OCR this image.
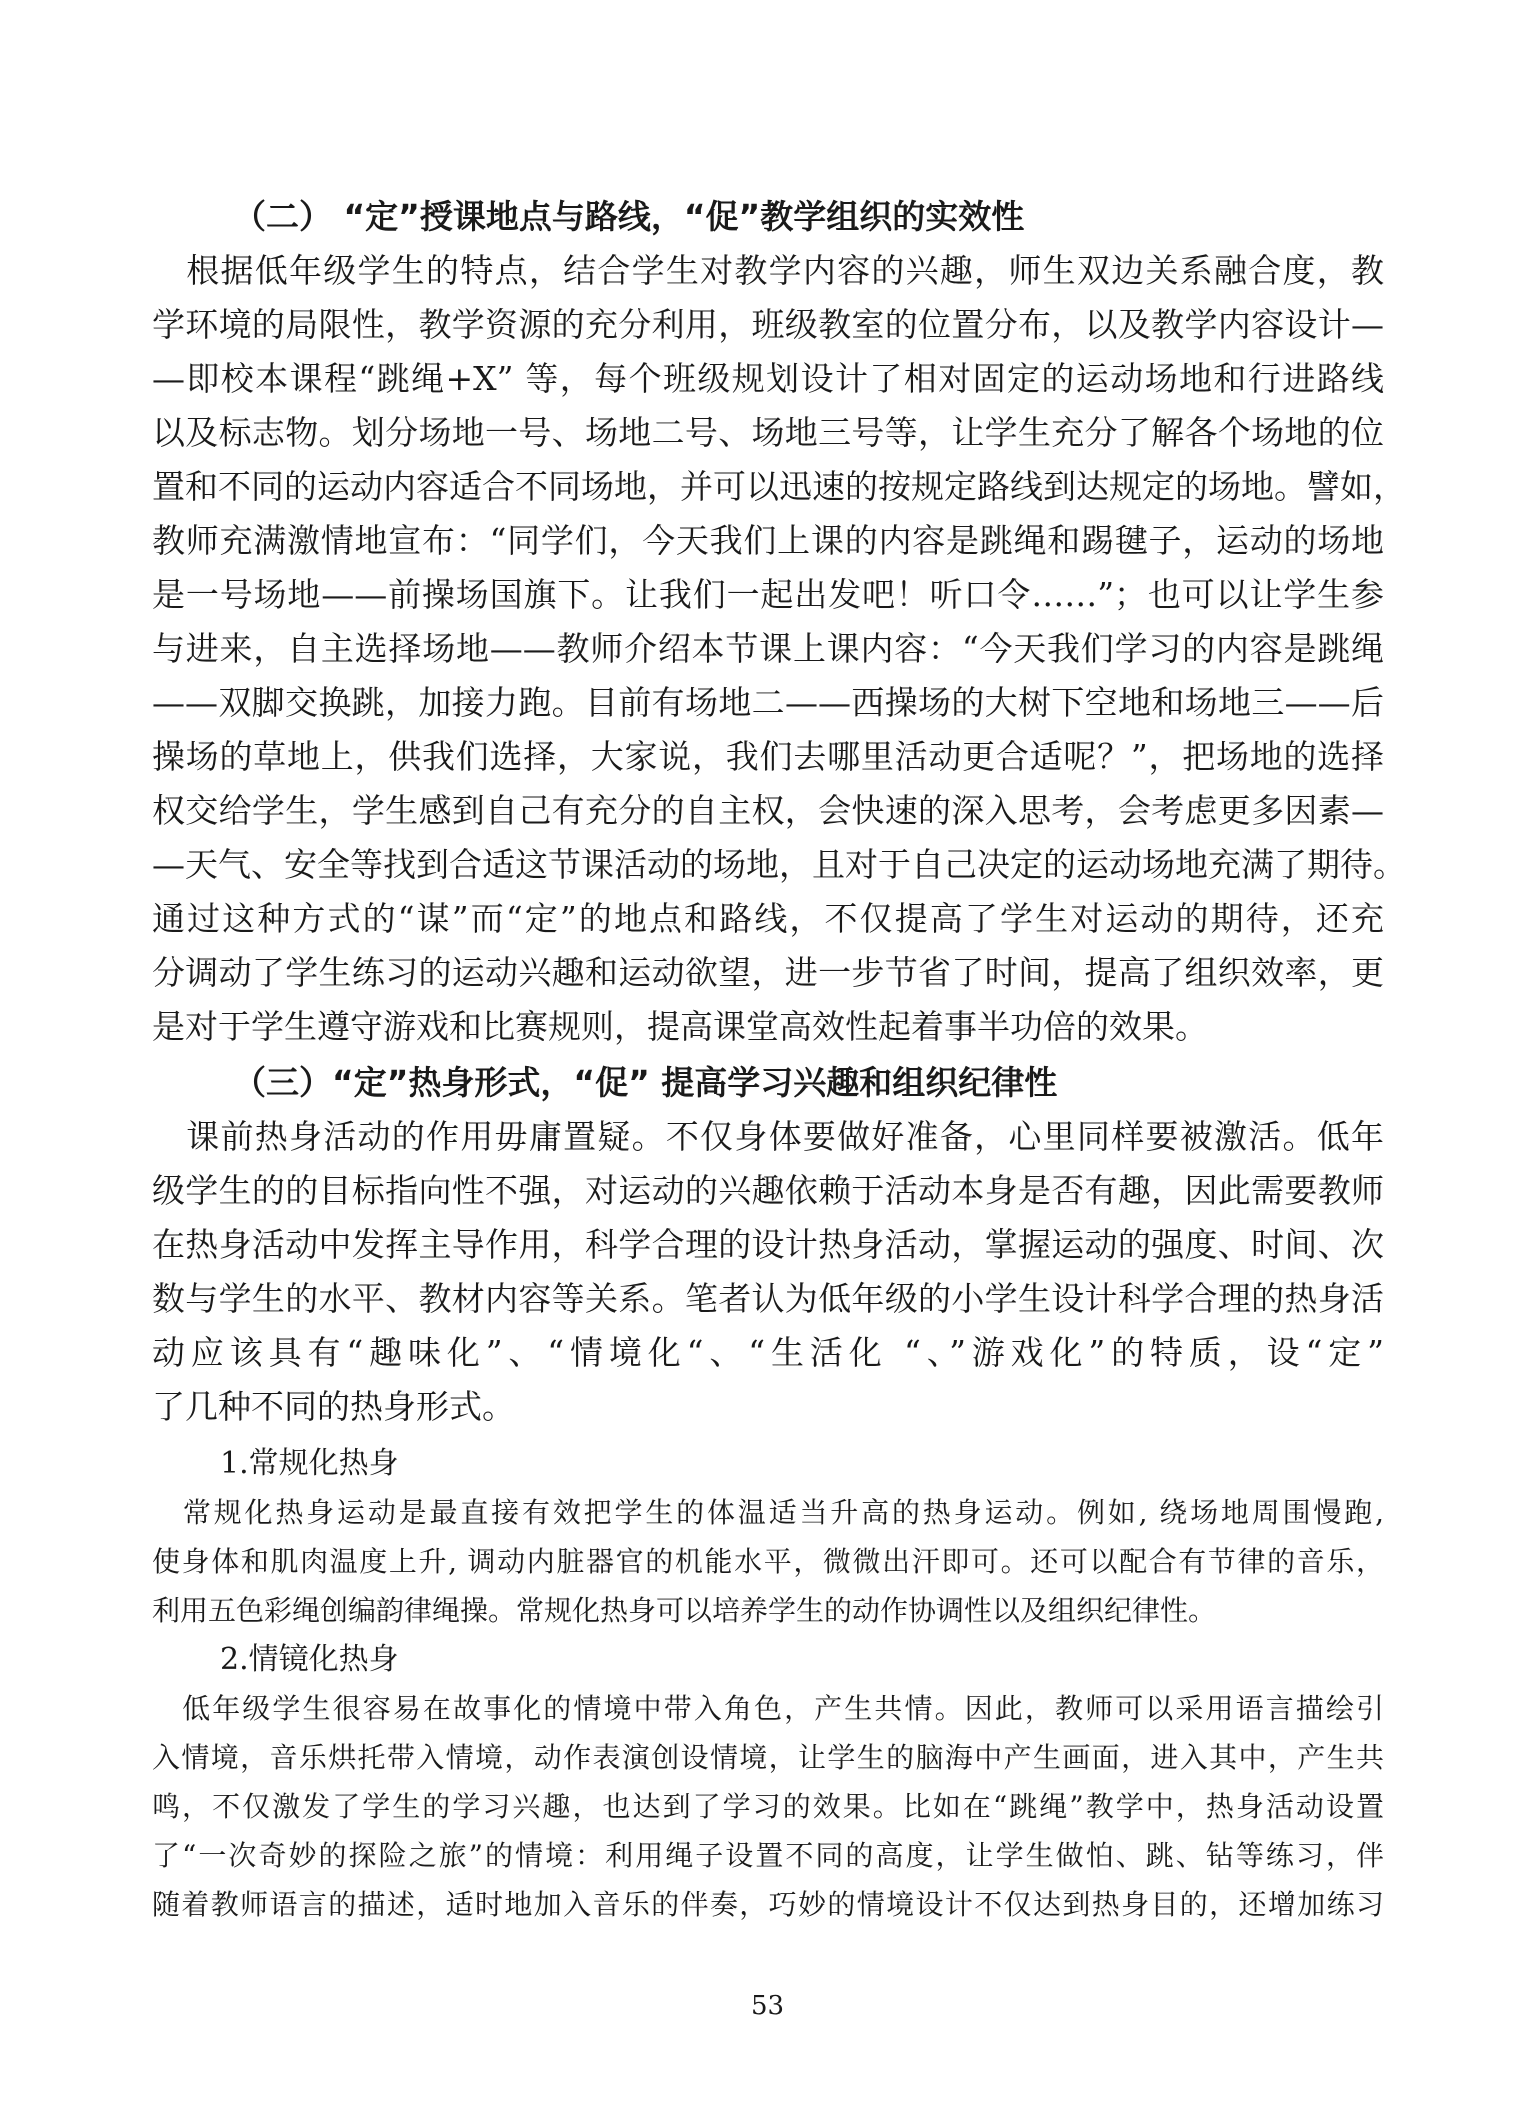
（二） “定”授课地点与路线，“促”教学组织的实效性
　根据低年级学生的特点，结合学生对教学内容的兴趣，师生双边关系融合度，教
学环境的局限性，教学资源的充分利用，班级教室的位置分布，以及教学内容设计—
—即校本课程“跳绳+X” 等，每个班级规划设计了相对固定的运动场地和行进路线
以及标志物。划分场地一号、场地二号、场地三号等，让学生充分了解各个场地的位
置和不同的运动内容适合不同场地，并可以迅速的按规定路线到达规定的场地。譬如，
教师充满激情地宣布：“同学们，今天我们上课的内容是跳绳和踢毽子，运动的场地
是一号场地——前操场国旗下。让我们一起出发吧！听口令……”；也可以让学生参
与进来，自主选择场地——教师介绍本节课上课内容：“今天我们学习的内容是跳绳
——双脚交换跳，加接力跑。目前有场地二——西操场的大树下空地和场地三——后
操场的草地上，供我们选择，大家说，我们去哪里活动更合适呢？”，把场地的选择
权交给学生，学生感到自己有充分的自主权，会快速的深入思考，会考虑更多因素—
—天气、安全等找到合适这节课活动的场地，且对于自己决定的运动场地充满了期待。
通过这种方式的“谋”而“定”的地点和路线，不仅提高了学生对运动的期待，还充
分调动了学生练习的运动兴趣和运动欲望，进一步节省了时间，提高了组织效率，更
是对于学生遵守游戏和比赛规则，提高课堂高效性起着事半功倍的效果。
（三）“定”热身形式，“促” 提高学习兴趣和组织纪律性
　课前热身活动的作用毋庸置疑。不仅身体要做好准备，心里同样要被激活。低年
级学生的的目标指向性不强，对运动的兴趣依赖于活动本身是否有趣，因此需要教师
在热身活动中发挥主导作用，科学合理的设计热身活动，掌握运动的强度、时间、次
数与学生的水平、教材内容等关系。笔者认为低年级的小学生设计科学合理的热身活
动应该具有“趣味化”、“情境化“、“生活化 “、”游戏化”的特质，设“定”
了几种不同的热身形式。
1.常规化热身
　常规化热身运动是最直接有效把学生的体温适当升高的热身运动。例如, 绕场地周围慢跑,
使身体和肌肉温度上升, 调动内脏器官的机能水平，微微出汗即可。还可以配合有节律的音乐，
利用五色彩绳创编韵律绳操。常规化热身可以培养学生的动作协调性以及组织纪律性。
2.情镜化热身
　低年级学生很容易在故事化的情境中带入角色，产生共情。因此，教师可以采用语言描绘引
入情境，音乐烘托带入情境，动作表演创设情境，让学生的脑海中产生画面，进入其中，产生共
鸣，不仅激发了学生的学习兴趣，也达到了学习的效果。比如在“跳绳”教学中，热身活动设置
了“一次奇妙的探险之旅”的情境：利用绳子设置不同的高度，让学生做怕、跳、钻等练习，伴
随着教师语言的描述，适时地加入音乐的伴奏，巧妙的情境设计不仅达到热身目的，还增加练习
53
